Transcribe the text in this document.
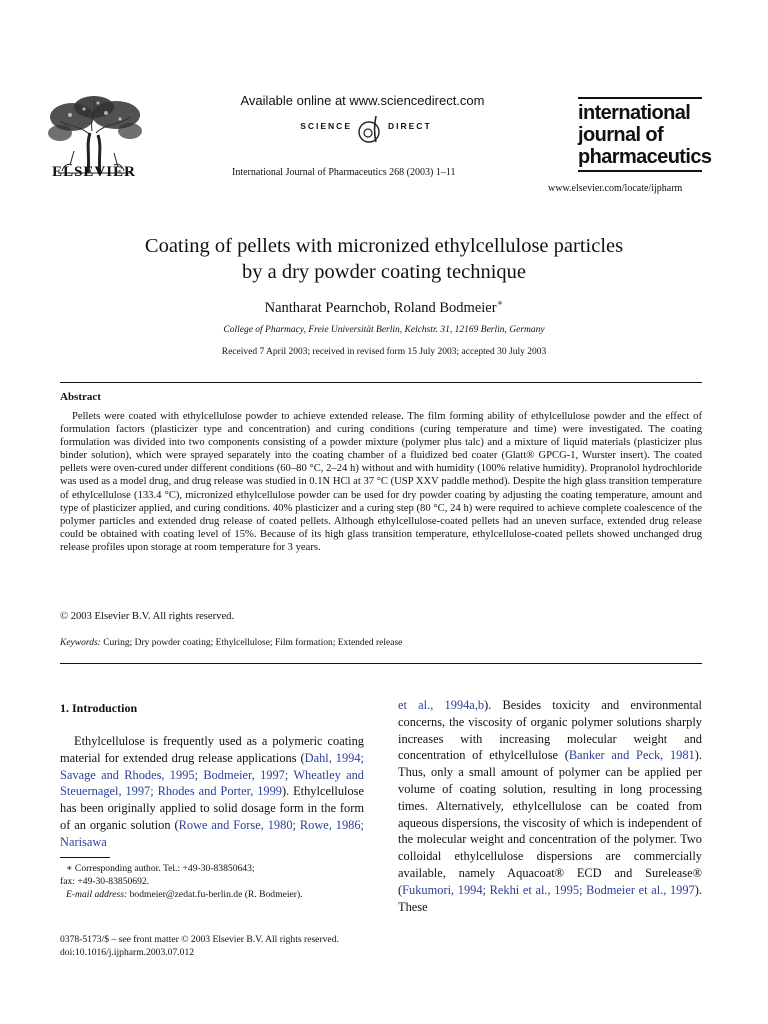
ELSEVIER
Available online at www.sciencedirect.com
SCIENCE	DIRECT
International Journal of Pharmaceutics 268 (2003) 1–11
international
journal of
pharmaceutics
www.elsevier.com/locate/ijpharm
Coating of pellets with micronized ethylcellulose particles
by a dry powder coating technique
Nantharat Pearnchob, Roland Bodmeier∗
College of Pharmacy, Freie Universität Berlin, Kelchstr. 31, 12169 Berlin, Germany
Received 7 April 2003; received in revised form 15 July 2003; accepted 30 July 2003
Abstract

Pellets were coated with ethylcellulose powder to achieve extended release. The film forming ability of ethylcellulose powder and the effect of formulation factors (plasticizer type and concentration) and curing conditions (curing temperature and time) were investigated. The coating formulation was divided into two components consisting of a powder mixture (polymer plus talc) and a mixture of liquid materials (plasticizer plus binder solution), which were sprayed separately into the coating chamber of a fluidized bed coater (Glatt® GPCG-1, Wurster insert). The coated pellets were oven-cured under different conditions (60–80 °C, 2–24 h) without and with humidity (100% relative humidity). Propranolol hydrochloride was used as a model drug, and drug release was studied in 0.1N HCl at 37 °C (USP XXV paddle method). Despite the high glass transition temperature of ethylcellulose (133.4 °C), micronized ethylcellulose powder can be used for dry powder coating by adjusting the coating temperature, amount and type of plasticizer applied, and curing conditions. 40% plasticizer and a curing step (80 °C, 24 h) were required to achieve complete coalescence of the polymer particles and extended drug release of coated pellets. Although ethylcellulose-coated pellets had an uneven surface, extended drug release could be obtained with coating level of 15%. Because of its high glass transition temperature, ethylcellulose-coated pellets showed unchanged drug release profiles upon storage at room temperature for 3 years.

© 2003 Elsevier B.V. All rights reserved.
Keywords: Curing; Dry powder coating; Ethylcellulose; Film formation; Extended release
1. Introduction

Ethylcellulose is frequently used as a polymeric coating material for extended drug release applications (Dahl, 1994; Savage and Rhodes, 1995; Bodmeier, 1997; Wheatley and Steuernagel, 1997; Rhodes and Porter, 1999). Ethylcellulose has been originally applied to solid dosage form in the form of an organic solution (Rowe and Forse, 1980; Rowe, 1986; Narisawa

et al., 1994a,b). Besides toxicity and environmental concerns, the viscosity of organic polymer solutions sharply increases with increasing molecular weight and concentration of ethylcellulose (Banker and Peck, 1981). Thus, only a small amount of polymer can be applied per volume of coating solution, resulting in long processing times. Alternatively, ethylcellulose can be coated from aqueous dispersions, the viscosity of which is independent of the molecular weight and concentration of the polymer. Two colloidal ethylcellulose dispersions are commercially available, namely Aquacoat® ECD and Surelease® (Fukumori, 1994; Rekhi et al., 1995; Bodmeier et al., 1997). These

∗ Corresponding author. Tel.: +49-30-83850643;
fax: +49-30-83850692.
E-mail address: bodmeier@zedat.fu-berlin.de (R. Bodmeier).
0378-5173/$ – see front matter © 2003 Elsevier B.V. All rights reserved.
doi:10.1016/j.ijpharm.2003.07.012
